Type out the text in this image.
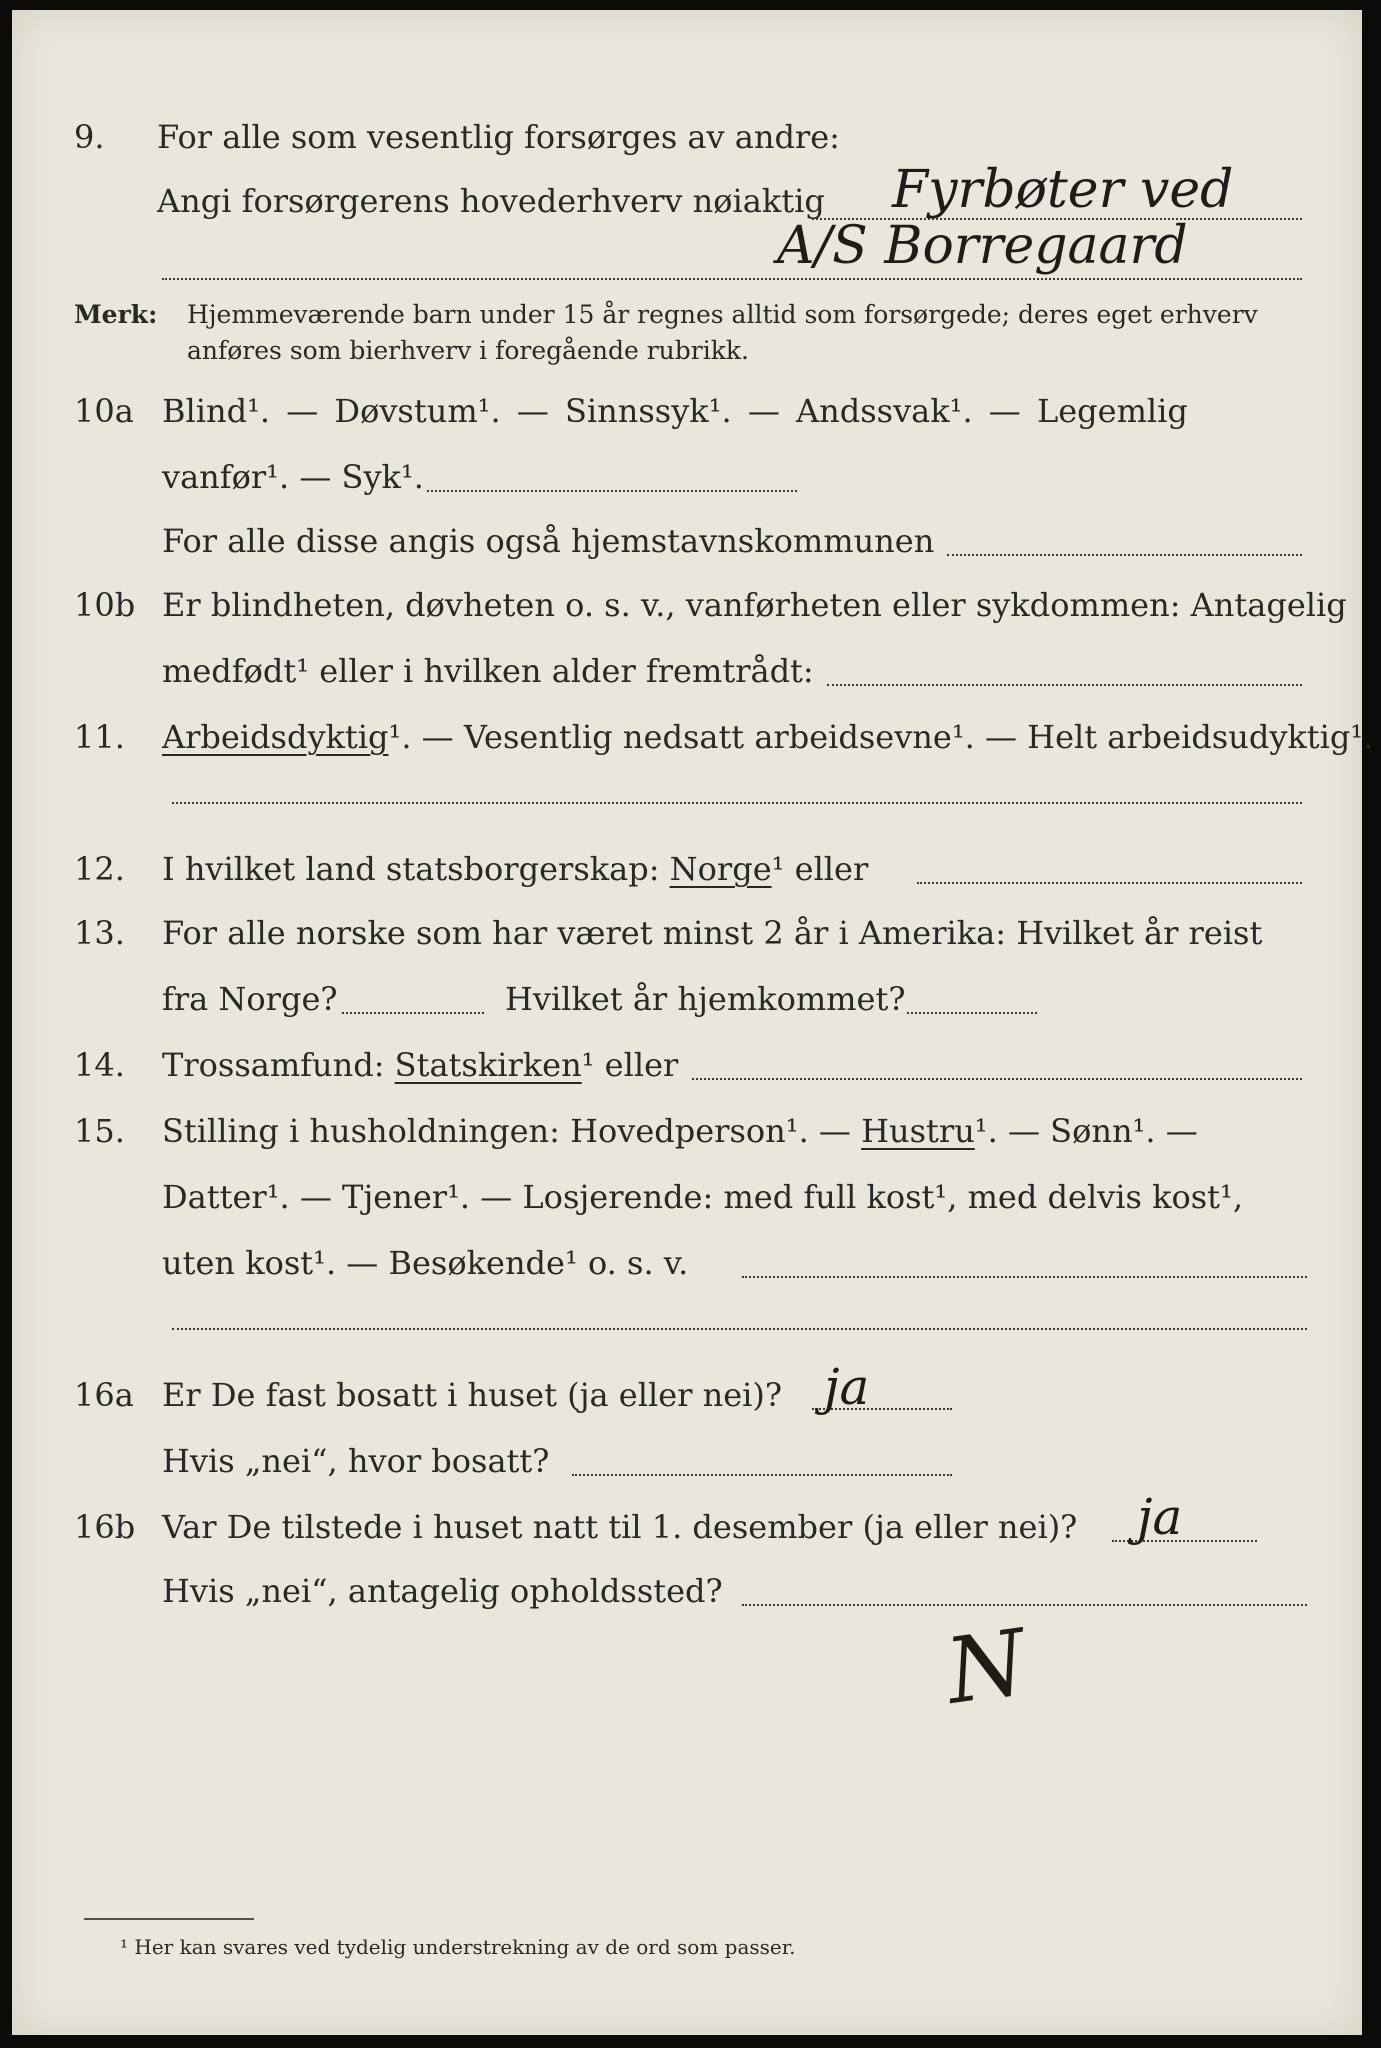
9. For alle som vesentlig forsørges av andre:
Angi forsørgerens hovederhverv nøiaktig Fyrbøter ved
A/S Borregaard
Merk: Hjemmeværende barn under 15 år regnes alltid som forsørgede; deres eget erhverv
anføres som bierhverv i foregående rubrikk.
10a Blind¹. — Døvstum¹. — Sinnssyk¹. — Andssvak¹. — Legemlig
vanfør¹. — Syk¹.
For alle disse angis også hjemstavnskommunen
10b Er blindheten, døvheten o. s. v., vanførheten eller sykdommen: Antagelig
medfødt¹ eller i hvilken alder fremtrådt:
11. Arbeidsdyktig¹. — Vesentlig nedsatt arbeidsevne¹. — Helt arbeidsudyktig¹.
12. I hvilket land statsborgerskap: Norge¹ eller
13. For alle norske som har været minst 2 år i Amerika: Hvilket år reist
fra Norge?	Hvilket år hjemkommet?
14. Trossamfund: Statskirken¹ eller
15. Stilling i husholdningen: Hovedperson¹. — Hustru¹. — Sønn¹. —
Datter¹. — Tjener¹. — Losjerende: med full kost¹, med delvis kost¹,
uten kost¹. — Besøkende¹ o. s. v.
16a Er De fast bosatt i huset (ja eller nei)? ja
Hvis „nei“, hvor bosatt?
16b Var De tilstede i huset natt til 1. desember (ja eller nei)? ja
Hvis „nei“, antagelig opholdssted?
N
¹ Her kan svares ved tydelig understrekning av de ord som passer.
